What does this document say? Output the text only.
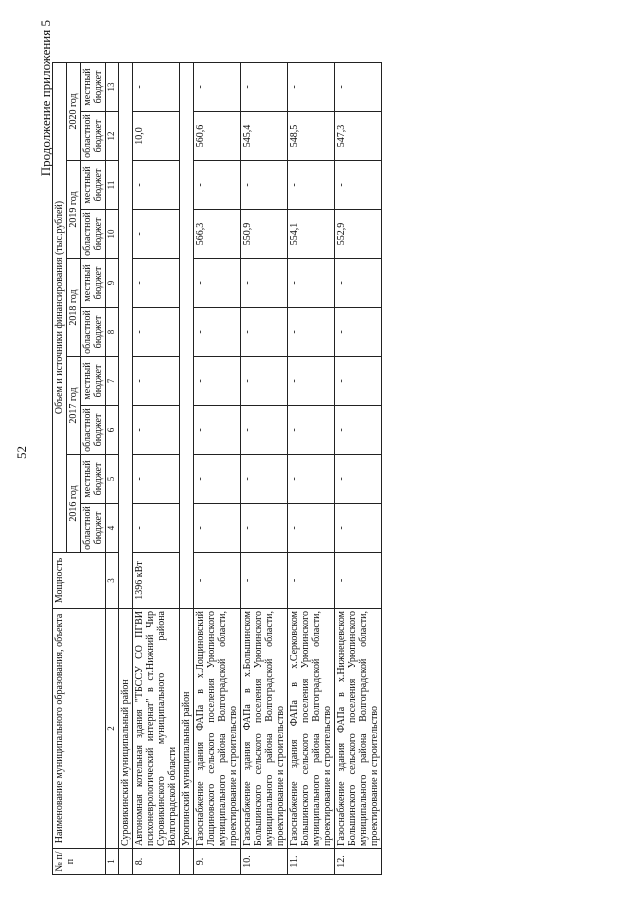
52
Продолжение приложения 5
№ п/п	Наименование муниципального образования, объекта	Мощность	Объем и источники финансирования (тыс.рублей)									
			2016 год		2017 год		2018 год		2019 год		2020 год	
			областной бюджет	местный бюджет	областной бюджет	местный бюджет	областной бюджет	местный бюджет	областной бюджет	местный бюджет	областной бюджет	местный бюджет
1	2	3	4	5	6	7	8	9	10	11	12	13
	Суровикинский муниципальный район											
8.	Автономная котельная здания "ТБССУ СО ПГВИ психоневрологический интернат" в ст.Нижний Чир Суровикинского муниципального района Волгоградской области	1396 кВт	-	-	-	-	-	-	-	-	10,0	-
	Урюпинский муниципальный район											
9.	Газоснабжение здания ФАПа в х.Лощиновский Лощиновского сельского поселения Урюпинского муниципального района Волгоградской области, проектирование и строительство	-	-	-	-	-	-	-	566,3	-	560,6	-
10.	Газоснабжение здания ФАПа в х.Большинском Большинского сельского поселения Урюпинского муниципального района Волгоградской области, проектирование и строительство	-	-	-	-	-	-	-	550,9	-	545,4	-
11.	Газоснабжение здания ФАПа в х.Серковском Большинского сельского поселения Урюпинского муниципального района Волгоградской области, проектирование и строительство	-	-	-	-	-	-	-	554,1	-	548,5	-
12.	Газоснабжение здания ФАПа в х.Нижнецевском Большинского сельского поселения Урюпинского муниципального района Волгоградской области, проектирование и строительство	-	-	-	-	-	-	-	552,9	-	547,3	-
